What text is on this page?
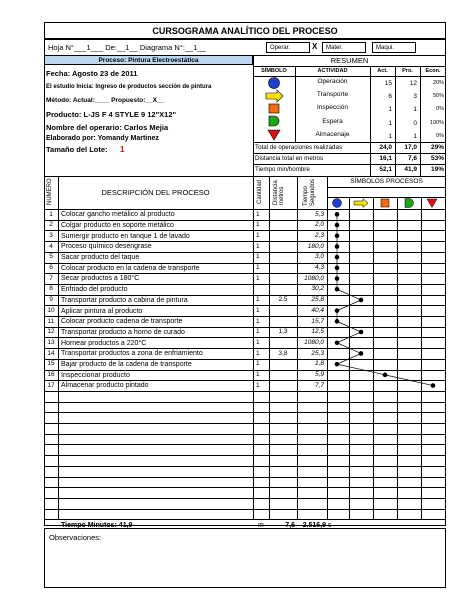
CURSOGRAMA ANALÍTICO DEL PROCESO
Hoja N°___1___ De:__1__ Diagrama N°:__1__	Operar.	X Mater.	Maqui.
Proceso: Pintura Electroestática
Fecha: Agosto 23 de 2011
El estudio Inicia: Ingreso de productos sección de pintura
Método: Actual:____ Propuesto:__X__
Producto: L-JS F 4 STYLE 9 12"X12"
Nombre del operario: Carlos Mejia
Elaborado por: Yomandy Martinez
Tamaño del Lote: 1
RESUMEN
SÍMBOLO	ACTIVIDAD	Act.	Pro.	Econ.
Operación	15	12	20%
Transporte	6	3	50%
Inspección	1	1	0%
Espera	1	0	100%
Almacenaje	1	1	0%
Total de operaciones realizadas	24,0	17,0	29%
Distancia total en metros	16,1	7,6	53%
Tiempo min/hombre	52,1	41,9	19%
SÍMBOLOS PROCESOS
DESCRIPCIÓN DEL PROCESO
NUMERO	Cantidad Distancia metros	Tiempo Segundos
1	Colocar gancho metálico al producto	1	5,3
2	Colgar producto en soporte metálico	1	2,0
3	Sumergir producto en tanque 1 de lavado	1	2,3
4	Proceso químico desengrase	1	180,0
5	Sacar producto del taque	1	3,0
6	Colocar producto en la cadena de transporte	1	4,3
7	Secar productos a 180°C	1	1080,0
8	Enfriado del producto	30,2
9	Transportar producto a cabina de pintura	1	2,5	25,8
10 Aplicar pintura al producto	1	40,4
11 Colocar producto cadena de transporte	1	15,7
12 Transportar producto a horno de curado	1	1,3	12,5
13 Hornear productos a 220°C	1	1080,0
14 Transportar productos a zona de enfriamiento	1	3,8	25,3
15 Bajar producto de la cadena de transporte	1	1,8
16 Inspeccionar producto	1	5,9
17 Almacenar producto pintado	1	7,7
Tiempo Minutos: 41,9	m	7,6	2.516,9 s
Observaciones:
